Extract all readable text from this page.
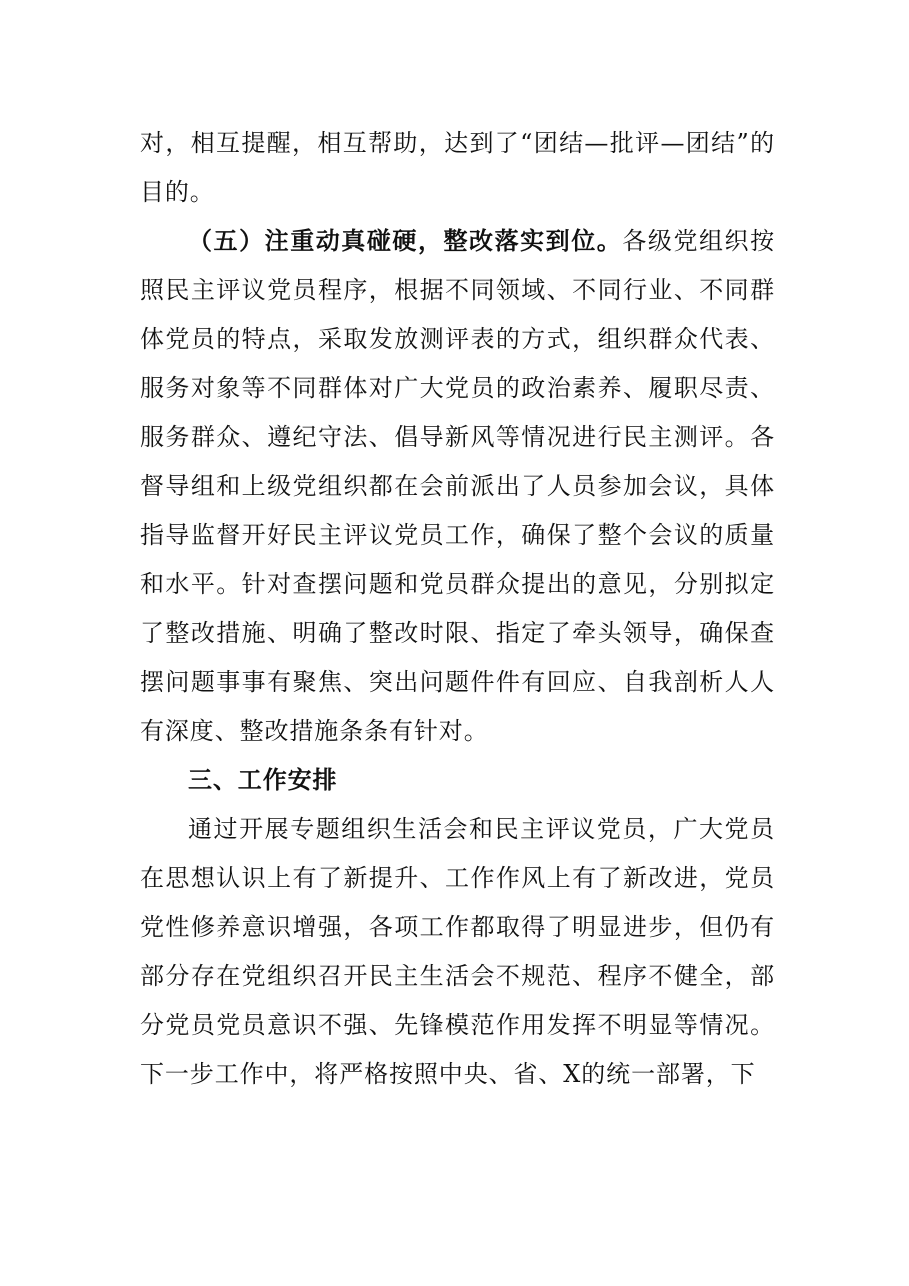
对，相互提醒，相互帮助，达到了“团结—批评—团结”的目的。

（五）注重动真碰硬，整改落实到位。各级党组织按照民主评议党员程序，根据不同领域、不同行业、不同群体党员的特点，采取发放测评表的方式，组织群众代表、服务对象等不同群体对广大党员的政治素养、履职尽责、服务群众、遵纪守法、倡导新风等情况进行民主测评。各督导组和上级党组织都在会前派出了人员参加会议，具体指导监督开好民主评议党员工作，确保了整个会议的质量和水平。针对查摆问题和党员群众提出的意见，分别拟定了整改措施、明确了整改时限、指定了牵头领导，确保查摆问题事事有聚焦、突出问题件件有回应、自我剖析人人有深度、整改措施条条有针对。

三、工作安排

通过开展专题组织生活会和民主评议党员，广大党员在思想认识上有了新提升、工作作风上有了新改进，党员党性修养意识增强，各项工作都取得了明显进步，但仍有部分存在党组织召开民主生活会不规范、程序不健全，部分党员党员意识不强、先锋模范作用发挥不明显等情况。下一步工作中，将严格按照中央、省、X的统一部署，下
